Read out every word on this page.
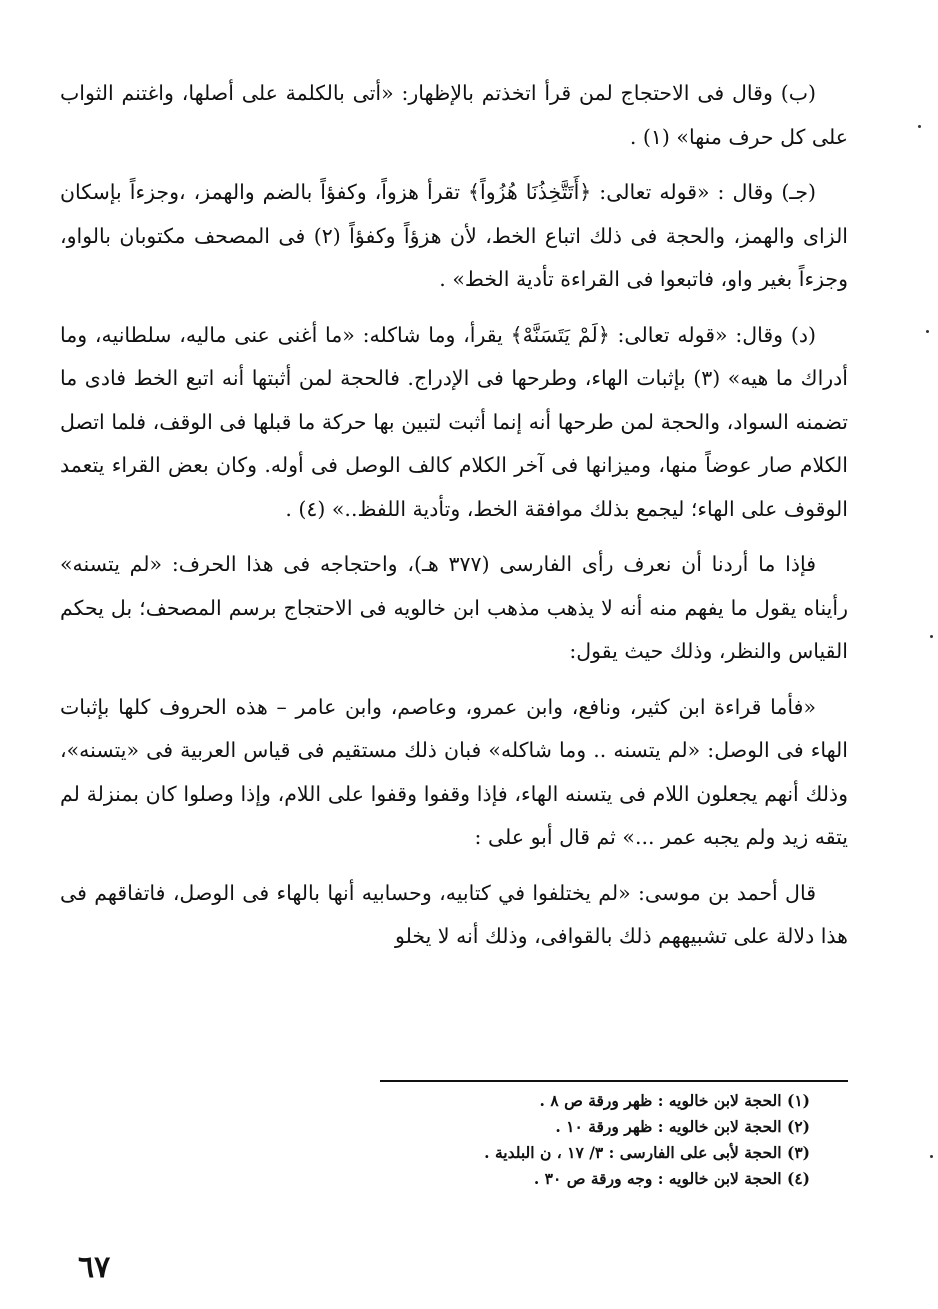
(ب) وقال فى الاحتجاج لمن قرأ اتخذتم بالإظهار: «أتى بالكلمة على أصلها، واغتنم الثواب على كل حرف منها» (١) .

(جـ) وقال : «قوله تعالى: ﴿أَتَتَّخِذُنَا هُزُواً﴾ تقرأ هزواً، وكفؤاً بالضم والهمز، ،وجزءاً بإسكان الزاى والهمز، والحجة فى ذلك اتباع الخط، لأن هزؤاً وكفؤاً (٢) فى المصحف مكتوبان بالواو، وجزءاً بغير واو، فاتبعوا فى القراءة تأدية الخط» .

(د) وقال: «قوله تعالى: ﴿لَمْ يَتَسَنَّهْ﴾ يقرأ، وما شاكله: «ما أغنى عنى ماليه، سلطانيه، وما أدراك ما هيه» (٣) بإثبات الهاء، وطرحها فى الإدراج. فالحجة لمن أثبتها أنه اتبع الخط فادى ما تضمنه السواد، والحجة لمن طرحها أنه إنما أثبت لتبين بها حركة ما قبلها فى الوقف، فلما اتصل الكلام صار عوضاً منها، وميزانها فى آخر الكلام كالف الوصل فى أوله. وكان بعض القراء يتعمد الوقوف على الهاء؛ ليجمع بذلك موافقة الخط، وتأدية اللفظ..» (٤) .

فإذا ما أردنا أن نعرف رأى الفارسى (٣٧٧ هـ)، واحتجاجه فى هذا الحرف: «لم يتسنه» رأيناه يقول ما يفهم منه أنه لا يذهب مذهب ابن خالويه فى الاحتجاج برسم المصحف؛ بل يحكم القياس والنظر، وذلك حيث يقول:

«فأما قراءة ابن كثير، ونافع، وابن عمرو، وعاصم، وابن عامر – هذه الحروف كلها بإثبات الهاء فى الوصل: «لم يتسنه .. وما شاكله» فبان ذلك مستقيم فى قياس العربية فى «يتسنه»، وذلك أنهم يجعلون اللام فى يتسنه الهاء، فإذا وقفوا وقفوا على اللام، وإذا وصلوا كان بمنزلة لم يتقه زيد ولم يجبه عمر ...» ثم قال أبو على :

قال أحمد بن موسى: «لم يختلفوا في كتابيه، وحسابيه أنها بالهاء فى الوصل، فاتفاقهم فى هذا دلالة على تشبيههم ذلك بالقوافى، وذلك أنه لا يخلو

(١) الحجة لابن خالويه : ظهر ورقة ص ٨ .

(٢) الحجة لابن خالويه : ظهر ورقة ١٠ .

(٣) الحجة لأبى على الفارسى : ٣/ ١٧ ، ن البلدية .

(٤) الحجة لابن خالويه : وجه ورقة ص ٣٠ .

٦٧
